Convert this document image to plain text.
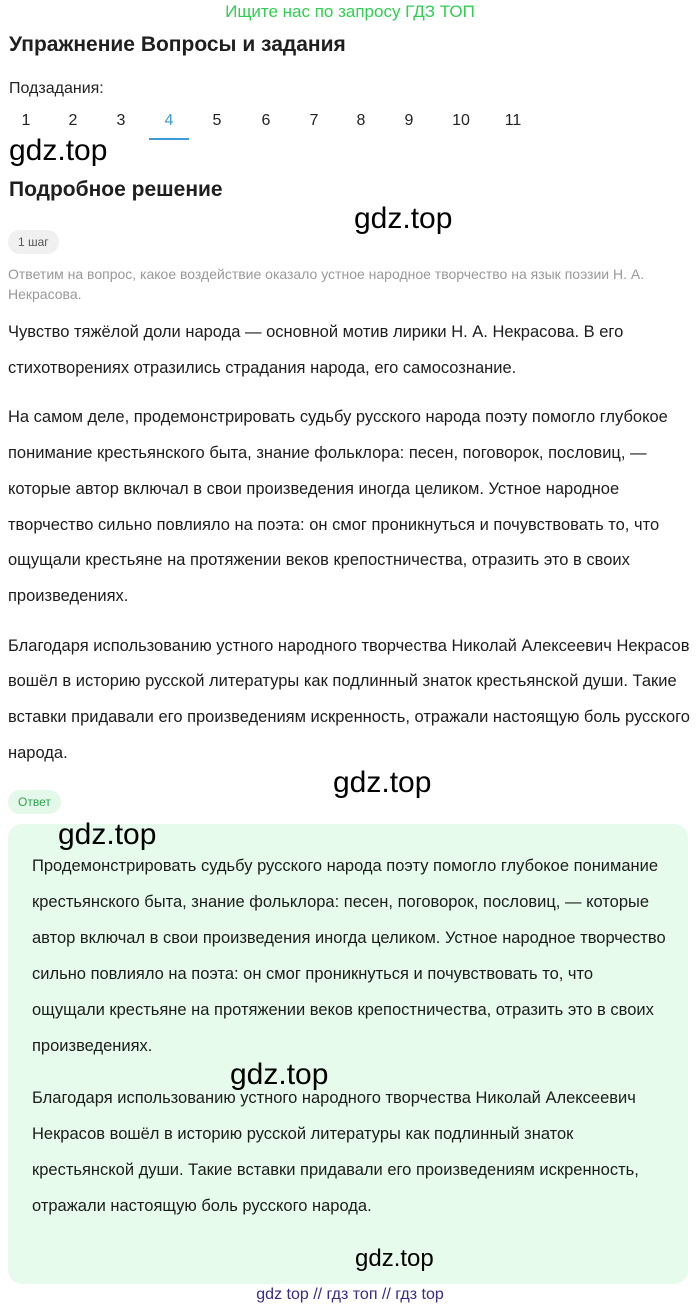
Ищите нас по запросу ГДЗ ТОП
Упражнение Вопросы и задания
Подзадания:
1	2	3	4	5	6	7	8	9	10	11
gdz.top
Подробное решение
gdz.top
1 шаг

Ответим на вопрос, какое воздействие оказало устное народное творчество на язык поэзии Н. А. Некрасова.

Чувство тяжёлой доли народа — основной мотив лирики Н. А. Некрасова. В его стихотворениях отразились страдания народа, его самосознание.

На самом деле, продемонстрировать судьбу русского народа поэту помогло глубокое понимание крестьянского быта, знание фольклора: песен, поговорок, пословиц, — которые автор включал в свои произведения иногда целиком. Устное народное творчество сильно повлияло на поэта: он смог проникнуться и почувствовать то, что ощущали крестьяне на протяжении веков крепостничества, отразить это в своих произведениях.

Благодаря использованию устного народного творчества Николай Алексеевич Некрасов вошёл в историю русской литературы как подлинный знаток крестьянской души. Такие вставки придавали его произведениям искренность, отражали настоящую боль русского народа.

gdz.top
Ответ

Продемонстрировать судьбу русского народа поэту помогло глубокое понимание крестьянского быта, знание фольклора: песен, поговорок, пословиц, — которые автор включал в свои произведения иногда целиком. Устное народное творчество сильно повлияло на поэта: он смог проникнуться и почувствовать то, что ощущали крестьяне на протяжении веков крепостничества, отразить это в своих произведениях.

Благодаря использованию устного народного творчества Николай Алексеевич Некрасов вошёл в историю русской литературы как подлинный знаток крестьянской души. Такие вставки придавали его произведениям искренность, отражали настоящую боль русского народа.

gdz.top
gdz.top
gdz.top
gdz top // гдз топ // гдз top
